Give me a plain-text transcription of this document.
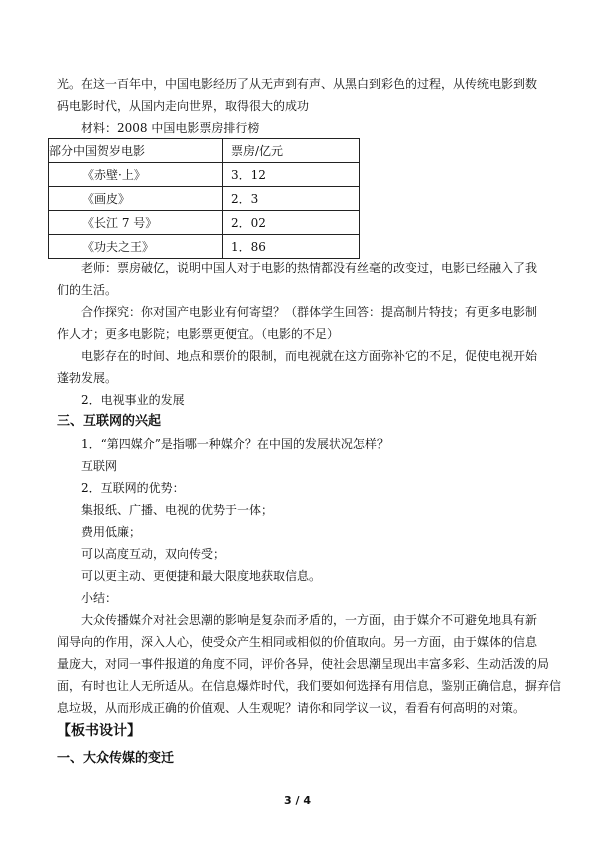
光。在这一百年中，中国电影经历了从无声到有声、从黑白到彩色的过程，从传统电影到数
码电影时代，从国内走向世界，取得很大的成功
材料：2008 中国电影票房排行榜
部分中国贺岁电影	票房/亿元
《赤壁·上》	3．12
《画皮》	2．3
《长江 7 号》	2．02
《功夫之王》	1．86
老师：票房破亿，说明中国人对于电影的热情都没有丝毫的改变过，电影已经融入了我
们的生活。
合作探究：你对国产电影业有何寄望？（群体学生回答：提高制片特技；有更多电影制
作人才；更多电影院；电影票更便宜。（电影的不足）
电影存在的时间、地点和票价的限制，而电视就在这方面弥补它的不足，促使电视开始
蓬勃发展。
2．电视事业的发展
三、互联网的兴起
1．“第四媒介”是指哪一种媒介？在中国的发展状况怎样？
互联网
2．互联网的优势：
集报纸、广播、电视的优势于一体；
费用低廉；
可以高度互动，双向传受；
可以更主动、更便捷和最大限度地获取信息。
小结：
大众传播媒介对社会思潮的影响是复杂而矛盾的，一方面，由于媒介不可避免地具有新
闻导向的作用，深入人心，使受众产生相同或相似的价值取向。另一方面，由于媒体的信息
量庞大，对同一事件报道的角度不同，评价各异，使社会思潮呈现出丰富多彩、生动活泼的局
面，有时也让人无所适从。在信息爆炸时代，我们要如何选择有用信息，鉴别正确信息，摒弃信
息垃圾，从而形成正确的价值观、人生观呢？请你和同学议一议，看看有何高明的对策。
【板书设计】
一、大众传媒的变迁
3 / 4
